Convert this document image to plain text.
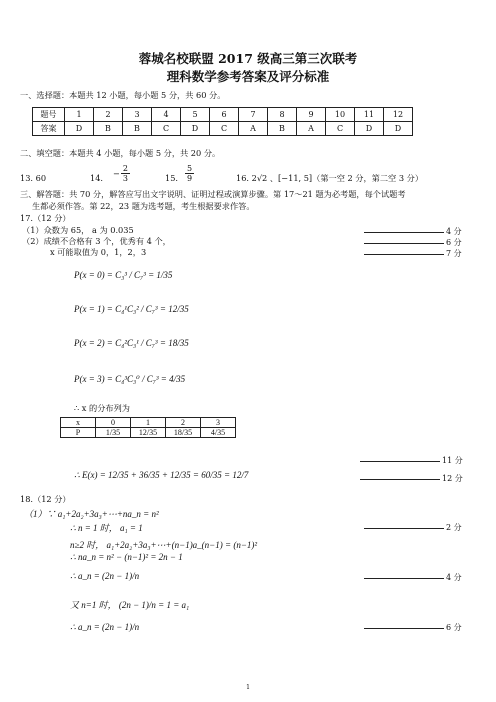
蓉城名校联盟 2017 级高三第三次联考
理科数学参考答案及评分标准
一、选择题：本题共 12 小题，每小题 5 分，共 60 分。
题号	1	2	3	4	5	6	7	8	9	10	11	12
答案	D	B	B	C	D	C	A	B	A	C	D	D
二、填空题：本题共 4 小题，每小题 5 分，共 20 分。
13. 60	14. − $\frac{2}{3}$	15. $\frac{5}{9}$	16. 2√2 、[−11, 5]（第一空 2 分，第二空 3 分）
三、解答题：共 70 分，解答应写出文字说明、证明过程或演算步骤。第 17～21 题为必考题，每个试题考
生都必须作答。第 22，23 题为选考题，考生根据要求作答。
17.（12 分）
（1）众数为 65， a 为 0.035
（2）成绩不合格有 3 个，优秀有 4 个，
x 可能取值为 0，1，2，3
P(x = 0) = C₃³ / C₇³ = 1/35
P(x = 1) = C₄¹C₃² / C₇³ = 12/35
P(x = 2) = C₄²C₃¹ / C₇³ = 18/35
P(x = 3) = C₄³C₃⁰ / C₇³ = 4/35
∴ x 的分布列为
x	0	1	2	3
P	1/35	12/35	18/35	4/35
∴ E(x) = 12/35 + 36/35 + 12/35 = 60/35 = 12/7
18.（12 分）
（1）∵ a₁+2a₂+3a₃+⋯+na_n = n²
∴ n = 1 时， a₁ = 1
n≥2 时， a₁+2a₂+3a₃+⋯+(n−1)a_(n−1) = (n−1)²
∴ na_n = n² − (n−1)² = 2n − 1
∴ a_n = (2n − 1)/n
又 n=1 时， (2n − 1)/n = 1 = a₁
∴ a_n = (2n − 1)/n
4 分
6 分
7 分
11 分
12 分
2 分
4 分
6 分
1
